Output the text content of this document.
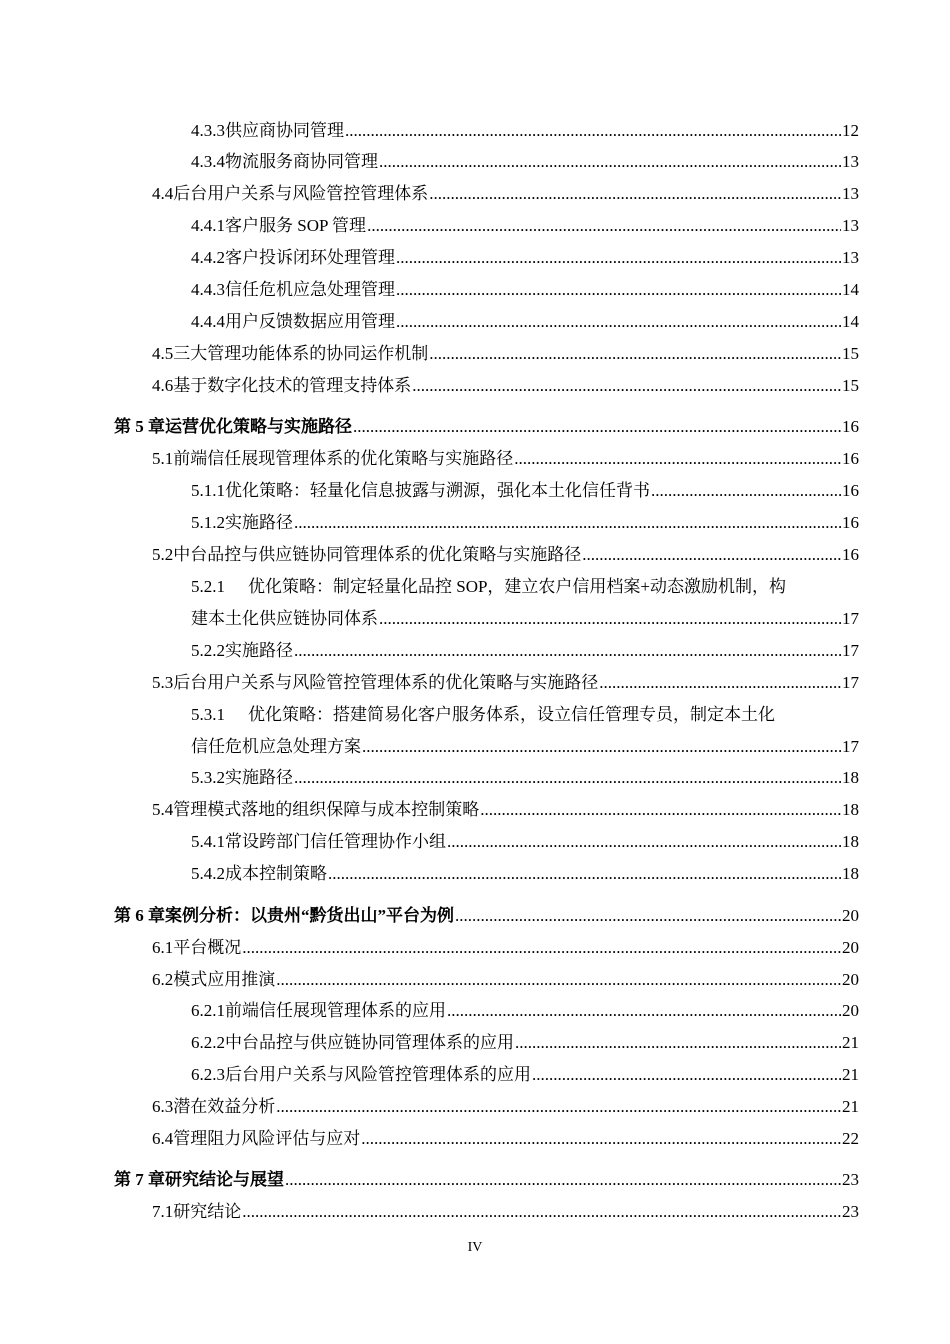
4.3.3 供应商协同管理 .....	12
4.3.4 物流服务商协同管理 .....	13
4.4 后台用户关系与风险管控管理体系 .....	13
4.4.1 客户服务 SOP 管理 .....	13
4.4.2 客户投诉闭环处理管理 .....	13
4.4.3 信任危机应急处理管理 .....	14
4.4.4 用户反馈数据应用管理 .....	14
4.5 三大管理功能体系的协同运作机制 .....	15
4.6 基于数字化技术的管理支持体系 .....	15
第 5 章 运营优化策略与实施路径 .....	16
5.1 前端信任展现管理体系的优化策略与实施路径 .....	16
5.1.1 优化策略：轻量化信息披露与溯源，强化本土化信任背书 .....	16
5.1.2 实施路径 .....	16
5.2 中台品控与供应链协同管理体系的优化策略与实施路径 .....	16
5.2.1	优化策略：制定轻量化品控 SOP，建立农户信用档案+动态激励机制，构
建本土化供应链协同体系 .....	17
5.2.2 实施路径 .....	17
5.3 后台用户关系与风险管控管理体系的优化策略与实施路径 .....	17
5.3.1	优化策略：搭建简易化客户服务体系，设立信任管理专员，制定本土化
信任危机应急处理方案 .....	17
5.3.2 实施路径 .....	18
5.4 管理模式落地的组织保障与成本控制策略 .....	18
5.4.1 常设跨部门信任管理协作小组 .....	18
5.4.2 成本控制策略 .....	18
第 6 章 案例分析：以贵州“黔货出山”平台为例 .....	20
6.1 平台概况 .....	20
6.2 模式应用推演 .....	20
6.2.1 前端信任展现管理体系的应用 .....	20
6.2.2 中台品控与供应链协同管理体系的应用 .....	21
6.2.3 后台用户关系与风险管控管理体系的应用 .....	21
6.3 潜在效益分析 .....	21
6.4 管理阻力风险评估与应对 .....	22
第 7 章 研究结论与展望 .....	23
7.1 研究结论 .....	23
IV
